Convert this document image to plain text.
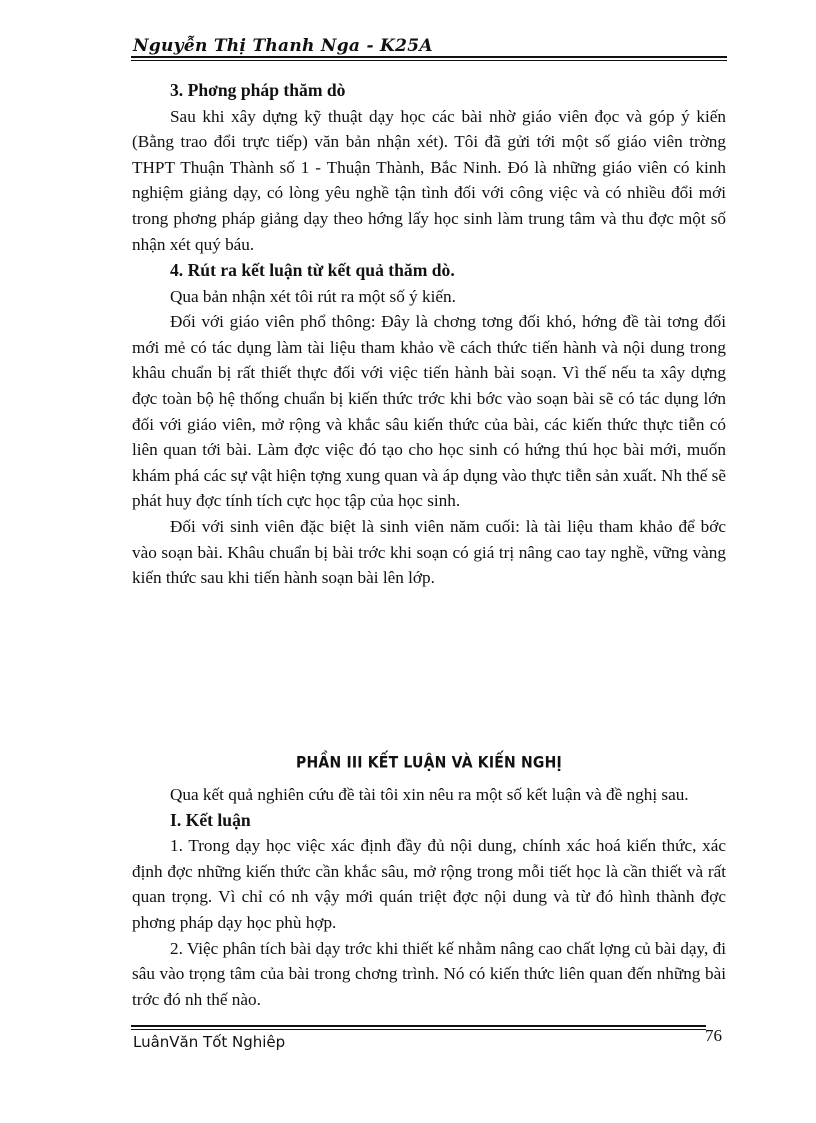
Nguyễn Thị Thanh Nga - K25A

3. Phơng pháp thăm dò

Sau khi xây dựng kỹ thuật dạy học các bài nhờ giáo viên đọc và góp ý kiến (Bằng trao đổi trực tiếp) văn bản nhận xét). Tôi đã gửi tới một số giáo viên trờng THPT Thuận Thành số 1 - Thuận Thành, Bắc Ninh. Đó là những giáo viên có kinh nghiệm giảng dạy, có lòng yêu nghề tận tình đối với công việc và có nhiều đổi mới trong phơng pháp giảng dạy theo hớng lấy học sinh làm trung tâm và thu đợc một số nhận xét quý báu.

4. Rút ra kết luận từ kết quả thăm dò.

Qua bản nhận xét tôi rút ra một số ý kiến.

Đối với giáo viên phổ thông: Đây là chơng tơng đối khó, hớng đề tài tơng đối mới mẻ có tác dụng làm tài liệu tham khảo về cách thức tiến hành và nội dung trong khâu chuẩn bị rất thiết thực đối với việc tiến hành bài soạn. Vì thế nếu ta xây dựng đợc toàn bộ hệ thống chuẩn bị kiến thức trớc khi bớc vào soạn bài sẽ có tác dụng lớn đối với giáo viên, mở rộng và khắc sâu kiến thức của bài, các kiến thức thực tiễn có liên quan tới bài. Làm đợc việc đó tạo cho học sinh có hứng thú học bài mới, muốn khám phá các sự vật hiện tợng xung quan và áp dụng vào thực tiễn sản xuất. Nh thế sẽ phát huy đợc tính tích cực học tập của học sinh.

Đối với sinh viên đặc biệt là sinh viên năm cuối: là tài liệu tham khảo để bớc vào soạn bài. Khâu chuẩn bị bài trớc khi soạn có giá trị nâng cao tay nghề, vững vàng kiến thức sau khi tiến hành soạn bài lên lớp.

PHẦN III KẾT LUẬN VÀ KIẾN NGHỊ

Qua kết quả nghiên cứu đề tài tôi xin nêu ra một số kết luận và đề nghị sau.

I. Kết luận

1. Trong dạy học việc xác định đầy đủ nội dung, chính xác hoá kiến thức, xác định đợc những kiến thức cần khắc sâu, mở rộng trong mỗi tiết học là cần thiết và rất quan trọng. Vì chỉ có nh vậy mới quán triệt đợc nội dung và từ đó hình thành đợc phơng pháp dạy học phù hợp.

2. Việc phân tích bài dạy trớc khi thiết kế nhằm nâng cao chất lợng củ bài dạy, đi sâu vào trọng tâm của bài trong chơng trình. Nó có kiến thức liên quan đến những bài trớc đó nh thế nào.

76
LuânVăn Tốt Nghiêp
